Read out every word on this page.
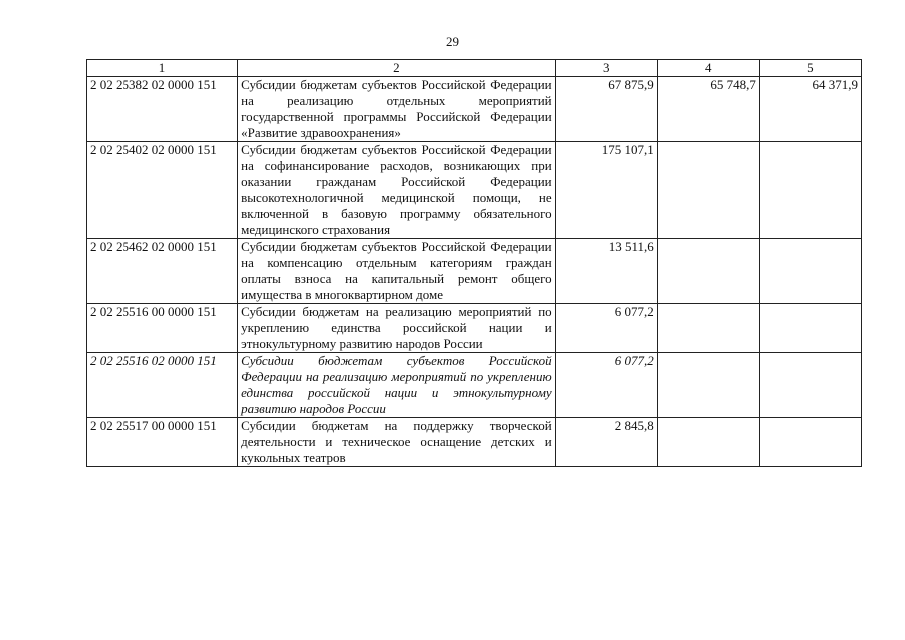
29
1	2	3	4	5
2 02 25382 02 0000 151	Субсидии бюджетам субъектов Российской Федерации на реализацию отдельных мероприятий государственной программы Российской Федерации «Развитие здравоохранения»	67 875,9	65 748,7	64 371,9
2 02 25402 02 0000 151	Субсидии бюджетам субъектов Российской Федерации на софинансирование расходов, возникающих при оказании гражданам Российской Федерации высокотехнологичной медицинской помощи, не включенной в базовую программу обязательного медицинского страхования	175 107,1		
2 02 25462 02 0000 151	Субсидии бюджетам субъектов Российской Федерации на компенсацию отдельным категориям граждан оплаты взноса на капитальный ремонт общего имущества в многоквартирном доме	13 511,6		
2 02 25516 00 0000 151	Субсидии бюджетам на реализацию мероприятий по укреплению единства российской нации и этнокультурному развитию народов России	6 077,2		
2 02 25516 02 0000 151	Субсидии бюджетам субъектов Российской Федерации на реализацию мероприятий по укреплению единства российской нации и этнокультурному развитию народов России	6 077,2		
2 02 25517 00 0000 151	Субсидии бюджетам на поддержку творческой деятельности и техническое оснащение детских и кукольных театров	2 845,8		
